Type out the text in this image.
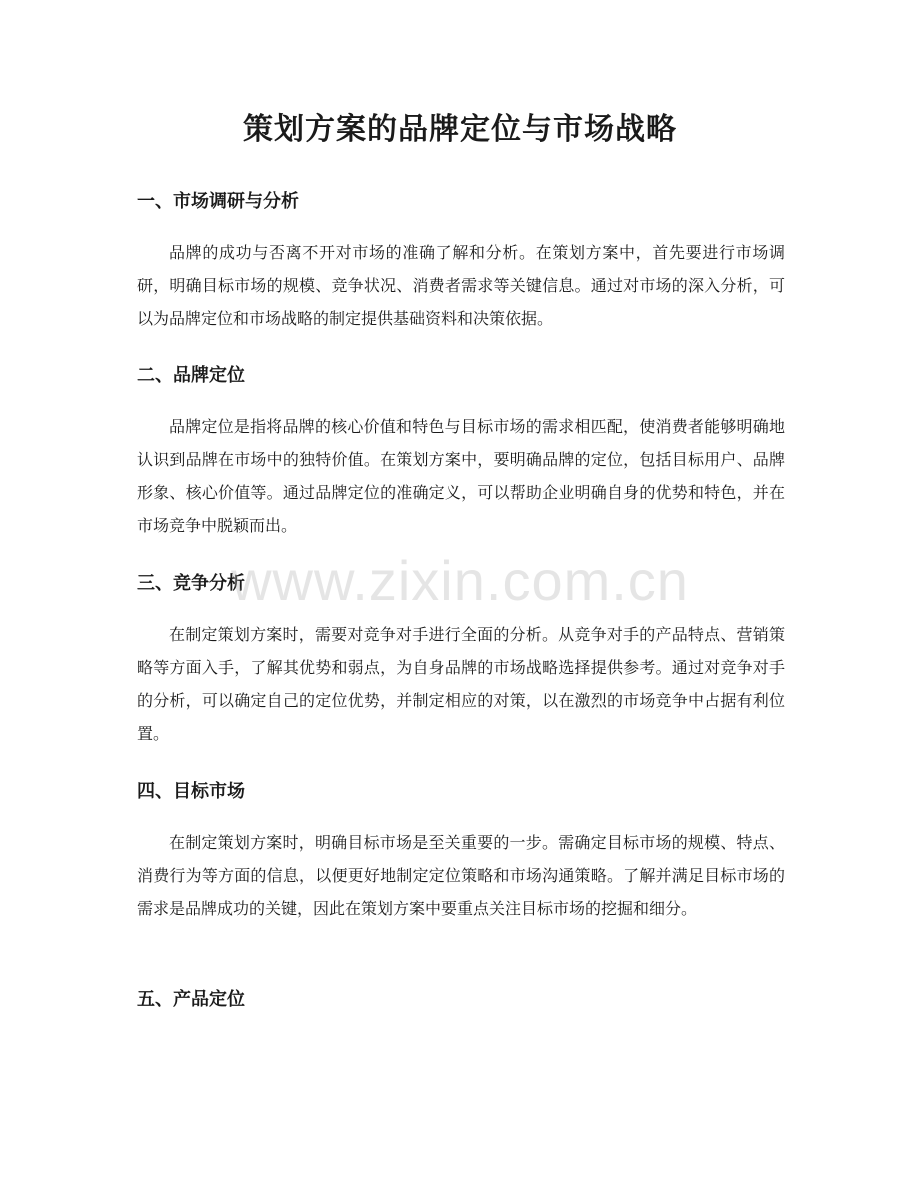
策划方案的品牌定位与市场战略
一、市场调研与分析

品牌的成功与否离不开对市场的准确了解和分析。在策划方案中，首先要进行市场调研，明确目标市场的规模、竞争状况、消费者需求等关键信息。通过对市场的深入分析，可以为品牌定位和市场战略的制定提供基础资料和决策依据。

二、品牌定位

品牌定位是指将品牌的核心价值和特色与目标市场的需求相匹配，使消费者能够明确地认识到品牌在市场中的独特价值。在策划方案中，要明确品牌的定位，包括目标用户、品牌形象、核心价值等。通过品牌定位的准确定义，可以帮助企业明确自身的优势和特色，并在市场竞争中脱颖而出。

三、竞争分析

在制定策划方案时，需要对竞争对手进行全面的分析。从竞争对手的产品特点、营销策略等方面入手，了解其优势和弱点，为自身品牌的市场战略选择提供参考。通过对竞争对手的分析，可以确定自己的定位优势，并制定相应的对策，以在激烈的市场竞争中占据有利位置。

四、目标市场

在制定策划方案时，明确目标市场是至关重要的一步。需确定目标市场的规模、特点、消费行为等方面的信息，以便更好地制定定位策略和市场沟通策略。了解并满足目标市场的需求是品牌成功的关键，因此在策划方案中要重点关注目标市场的挖掘和细分。

五、产品定位
www.zixin.com.cn
